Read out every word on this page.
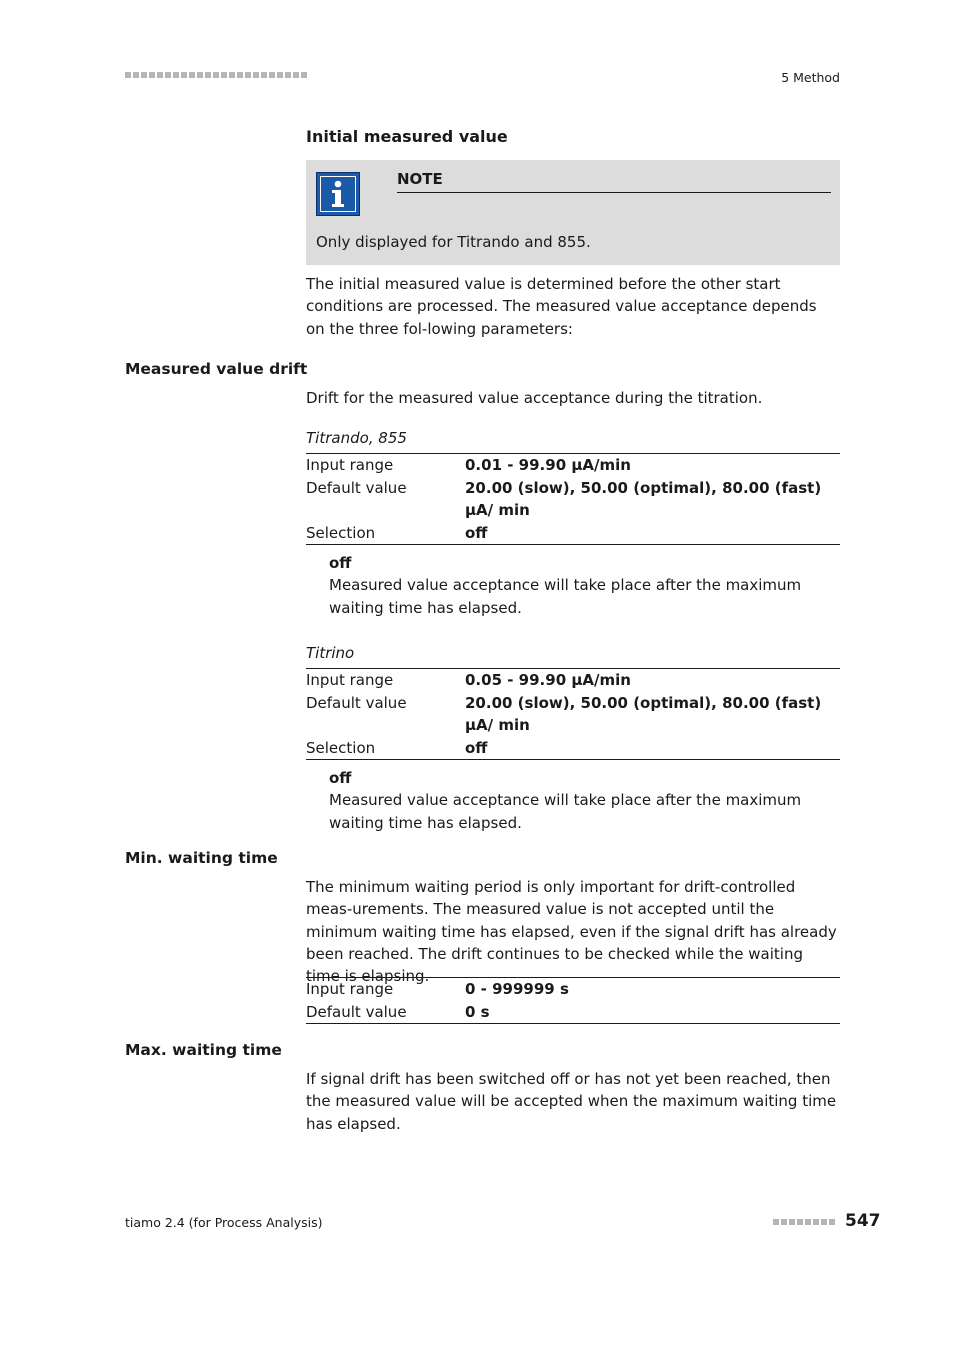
5 Method
Initial measured value
NOTE
Only displayed for Titrando and 855.
The initial measured value is determined before the other start conditions are processed. The measured value acceptance depends on the three fol-lowing parameters:
Measured value drift
Drift for the measured value acceptance during the titration.
Titrando, 855
Input range	0.01 - 99.90 µA/min
Default value	20.00 (slow), 50.00 (optimal), 80.00 (fast) µA/ min
Selection	off
off
Measured value acceptance will take place after the maximum waiting time has elapsed.
Titrino
Input range	0.05 - 99.90 µA/min
Default value	20.00 (slow), 50.00 (optimal), 80.00 (fast) µA/ min
Selection	off
off
Measured value acceptance will take place after the maximum waiting time has elapsed.
Min. waiting time
The minimum waiting period is only important for drift-controlled meas-urements. The measured value is not accepted until the minimum waiting time has elapsed, even if the signal drift has already been reached. The drift continues to be checked while the waiting time is elapsing.
Input range	0 - 999999 s
Default value	0 s
Max. waiting time
If signal drift has been switched off or has not yet been reached, then the measured value will be accepted when the maximum waiting time has elapsed.
tiamo 2.4 (for Process Analysis)	547
